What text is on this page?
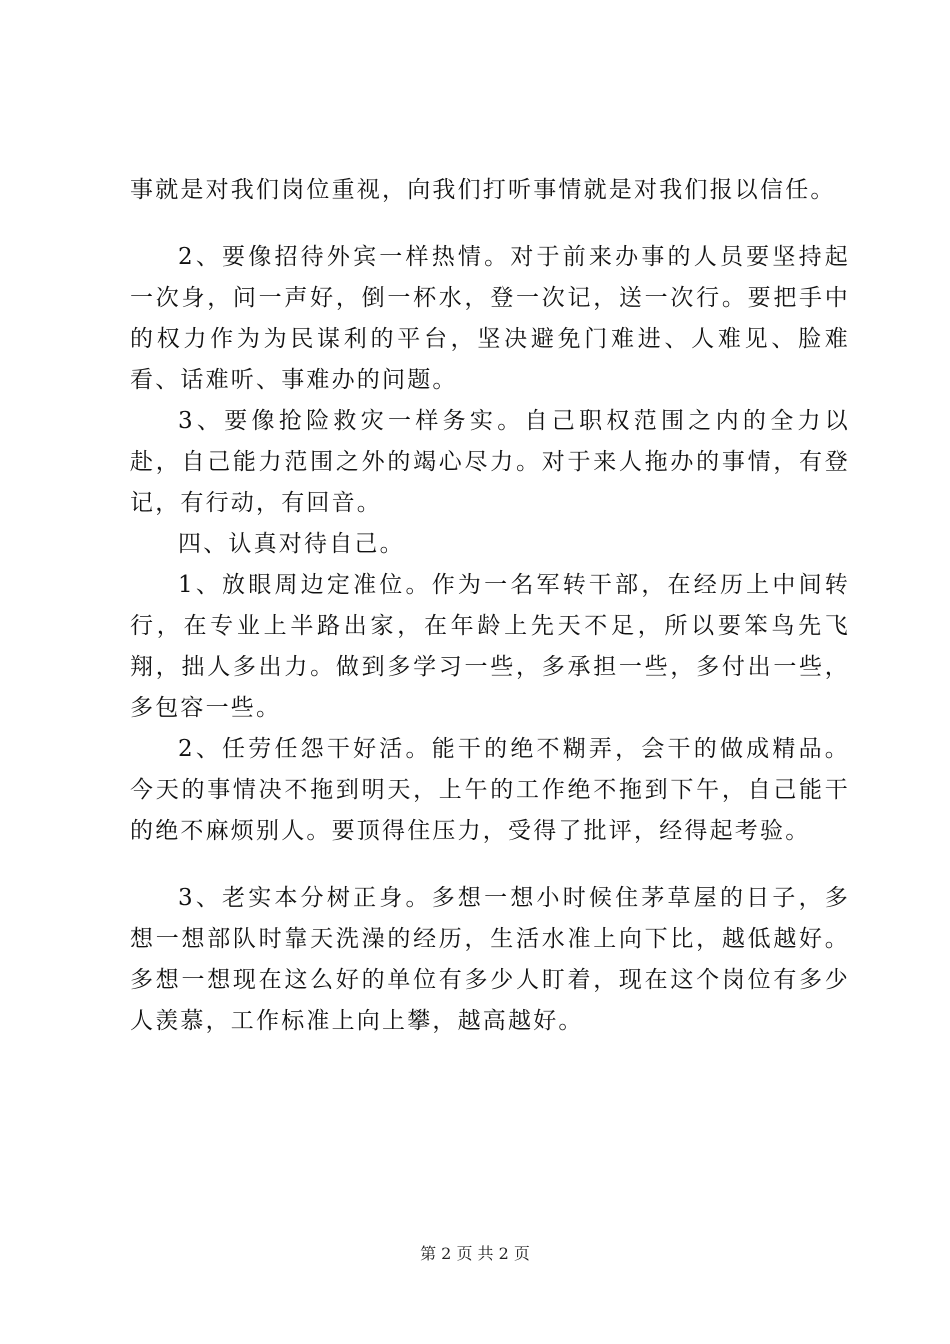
事就是对我们岗位重视，向我们打听事情就是对我们报以信任。

2、要像招待外宾一样热情。对于前来办事的人员要坚持起一次身，问一声好，倒一杯水，登一次记，送一次行。要把手中的权力作为为民谋利的平台，坚决避免门难进、人难见、脸难看、话难听、事难办的问题。

3、要像抢险救灾一样务实。自己职权范围之内的全力以赴，自己能力范围之外的竭心尽力。对于来人拖办的事情，有登记，有行动，有回音。

四、认真对待自己。

1、放眼周边定准位。作为一名军转干部，在经历上中间转行，在专业上半路出家，在年龄上先天不足，所以要笨鸟先飞翔，拙人多出力。做到多学习一些，多承担一些，多付出一些，多包容一些。

2、任劳任怨干好活。能干的绝不糊弄，会干的做成精品。今天的事情决不拖到明天，上午的工作绝不拖到下午，自己能干的绝不麻烦别人。要顶得住压力，受得了批评，经得起考验。

3、老实本分树正身。多想一想小时候住茅草屋的日子，多想一想部队时靠天洗澡的经历，生活水准上向下比，越低越好。多想一想现在这么好的单位有多少人盯着，现在这个岗位有多少人羡慕，工作标准上向上攀，越高越好。

第 2 页 共 2 页
